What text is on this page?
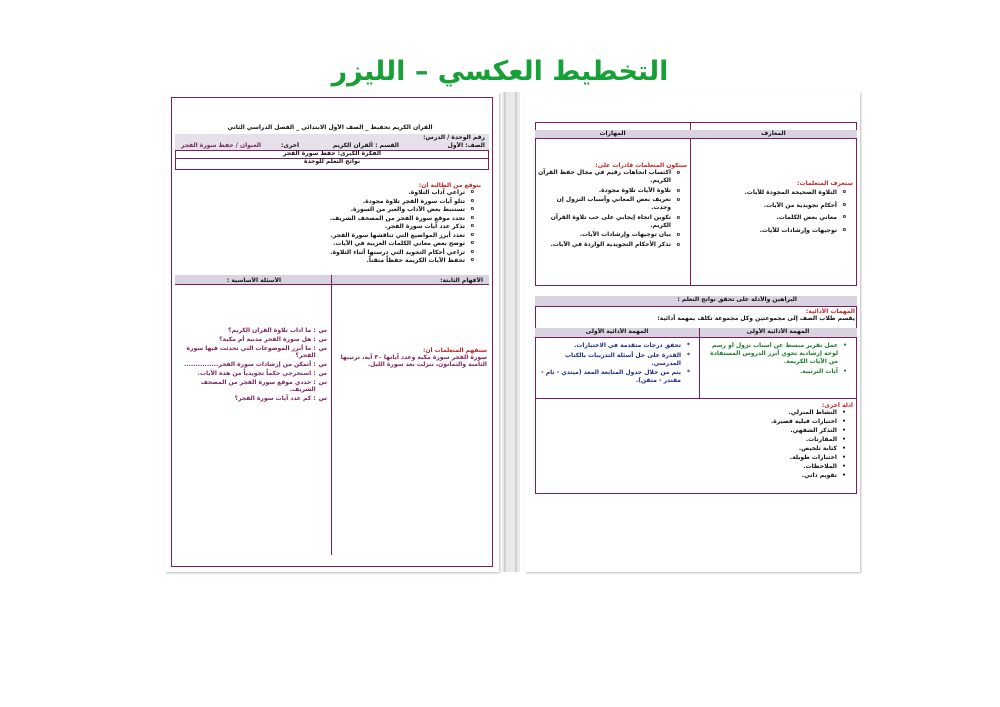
التخطيط العكسي – الليزر
القرآن الكريم تحفيظ _ الصف الأول الابتدائي _ الفصل الدراسي الثاني
رقم الوحدة / الدرس:
الصف: الأول
القسم : القرآن الكريم
أخرى:
العنوان / حفظ سورة الفجر
الفكرة الكبرى: حفظ سورة الفجر
نواتج التعلم للوحدة
يتوقع من الطالبة أن:
o تراعي آداب التلاوة.
o تتلو آيات سورة الفجر تلاوة مجودة.
o تستنبط بعض الآداب والعبر من السورة.
o تحدد موقع سورة الفجر من المصحف الشريف.
o تذكر عدد آيات سورة الفجر.
o تعدد أبرز المواضيع التي تناقشها سورة الفجر.
o توضح بعض معاني الكلمات الغريبة في الآيات.
o تراعي أحكام التجويد التي درستها أثناء التلاوة.
o تحفظ الآيات الكريمة حفظاً متقناً.
الأفهام الثابتة:
الأسئلة الأساسية :
ستفهم المتعلمات أن:
سورة الفجر سورة مكية وعدد آياتها ٣٠ آية، ترتيبها الثامنة والثمانون، تنزلت بعد سورة الليل.
س
: ما آداب تلاوة القرآن الكريم؟
س
: هل سورة الفجر مدنية أم مكية؟
س
: ما أبرز الموضوعات التي تحدثت فيها سورة الفجر؟
س
: أتمكن من إرشادات سورة الفجر...............
س
: استخرجي حكماً تجويدياً من هذه الآيات.
س
: حددي موقع سورة الفجر من المصحف الشريف.
س
: كم عدد آيات سورة الفجر؟
المهارات	المعارف
ستكون المتعلمات قادرات على:
o اكتساب اتجاهات رقيم في مجال حفظ القرآن الكريم.
o تلاوة الآيات تلاوة مجودة.
o تعريف بعض المعاني وأسباب النزول إن وجدت.
o تكوين اتجاه إيجابي على حب تلاوة القرآن الكريم.
o بيان توجيهات وإرشادات الآيات.
o تذكر الأحكام التجويدية الواردة في الآيات.
ستعرف المتعلمات:
o التلاوة الصحيحة المجودة للآيات.
o أحكام تجويدية من الآيات.
o معاني بعض الكلمات.
o توجيهات وإرشادات للآيات.
البراهين والأدلة على تحقق نواتج التعلم :
المهمات الأدائية:
يقسم طلاب الصف إلى مجموعتين وكل مجموعة تكلف بمهمة أدائية:
المهمة الأدائية الأولى	المهمة الأدائية الأولى
* تحقق درجات متقدمة في الاختبارات.
* القدرة على حل أسئلة التدريبات بالكتاب المدرسي.
* يتم من خلال جدول المتابعة المعد (ميتدي - نام - مقتدر - متقن).
• عمل تقرير مبسط عن أسباب نزول أو رسم لوحة إرشادية تحوي أبرز الدروس المستفادة من الآيات الكريمة.
• آيات الترتيبة.
أدلة أخرى:
• النشاط المنزلي.
• اختبارات قبلية قصيرة.
• التذكر الشفهي.
• المقارنات.
• كتابة تلخيص.
• اختبارات طويلة.
• الملاحظات.
• تقويم ذاتي.
